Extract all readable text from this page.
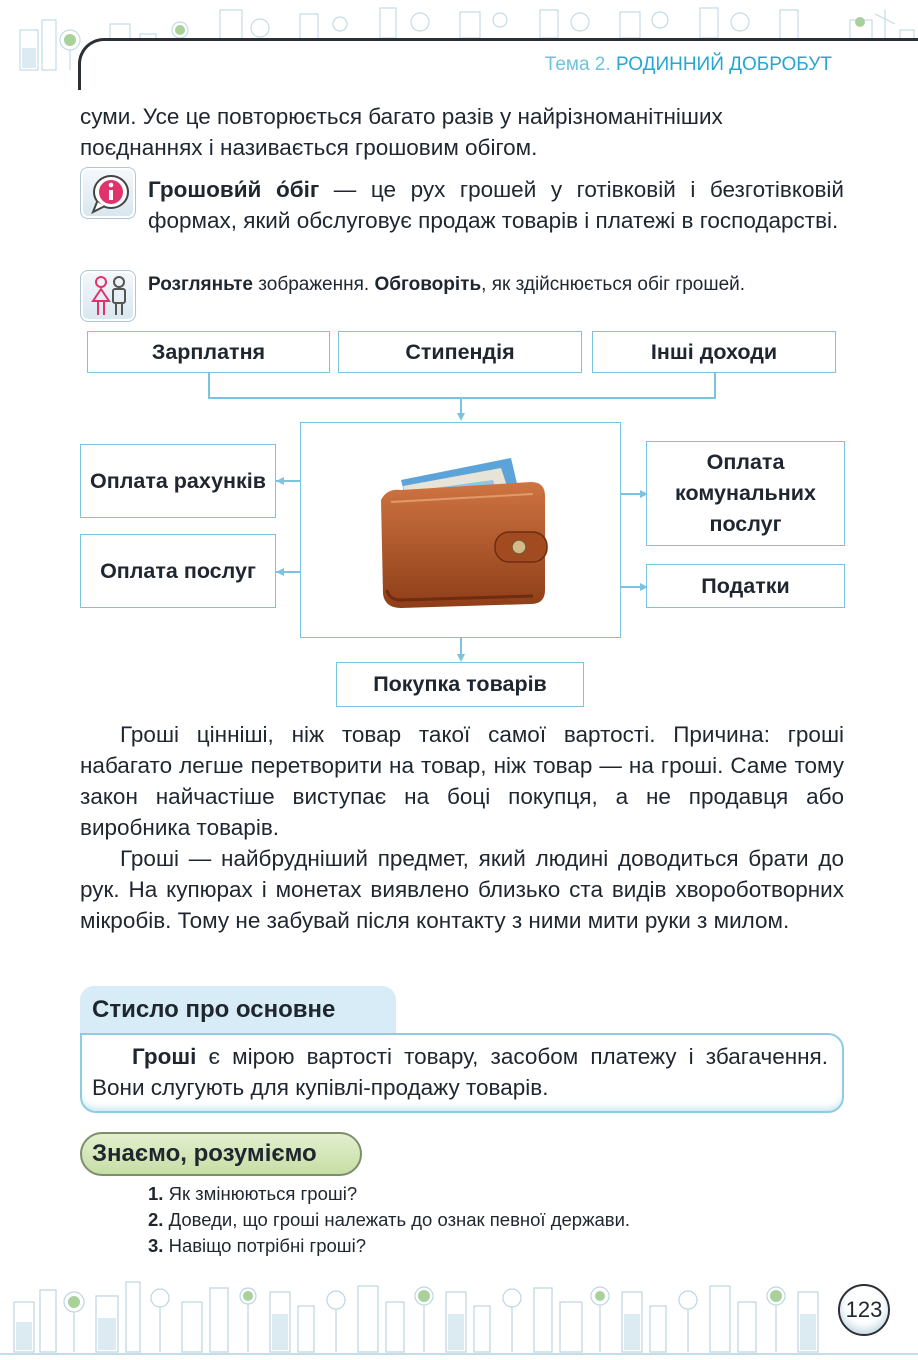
Тема 2. РОДИННИЙ ДОБРОБУТ
суми. Усе це повторюється багато разів у найрізноманітніших
поєднаннях і називається грошовим обігом.
Грошови́й о́біг — це рух грошей у готівковій і безготівковій формах, який обслуговує продаж товарів і платежі в господарстві.
Розгляньте зображення. Обговоріть, як здійснюється обіг грошей.
Зарплатня	Стипендія	Інші доходи
Оплата рахунків
Оплата послуг
Оплата комунальних послуг
Податки
Покупка товарів
Гроші цінніші, ніж товар такої самої вартості. Причина: гроші набагато легше перетворити на товар, ніж товар — на гроші. Саме тому закон найчастіше виступає на боці покупця, а не продавця або виробника товарів.
Гроші — найбрудніший предмет, який людині доводиться брати до рук. На купюрах і монетах виявлено близько ста видів хвороботворних мікробів. Тому не забувай після контакту з ними мити руки з милом.
Стисло про основне
Гроші є мірою вартості товару, засобом платежу і збагачення. Вони слугують для купівлі-продажу товарів.
Знаємо, розуміємо
1. Як змінюються гроші?
2. Доведи, що гроші належать до ознак певної держави.
3. Навіщо потрібні гроші?
123
